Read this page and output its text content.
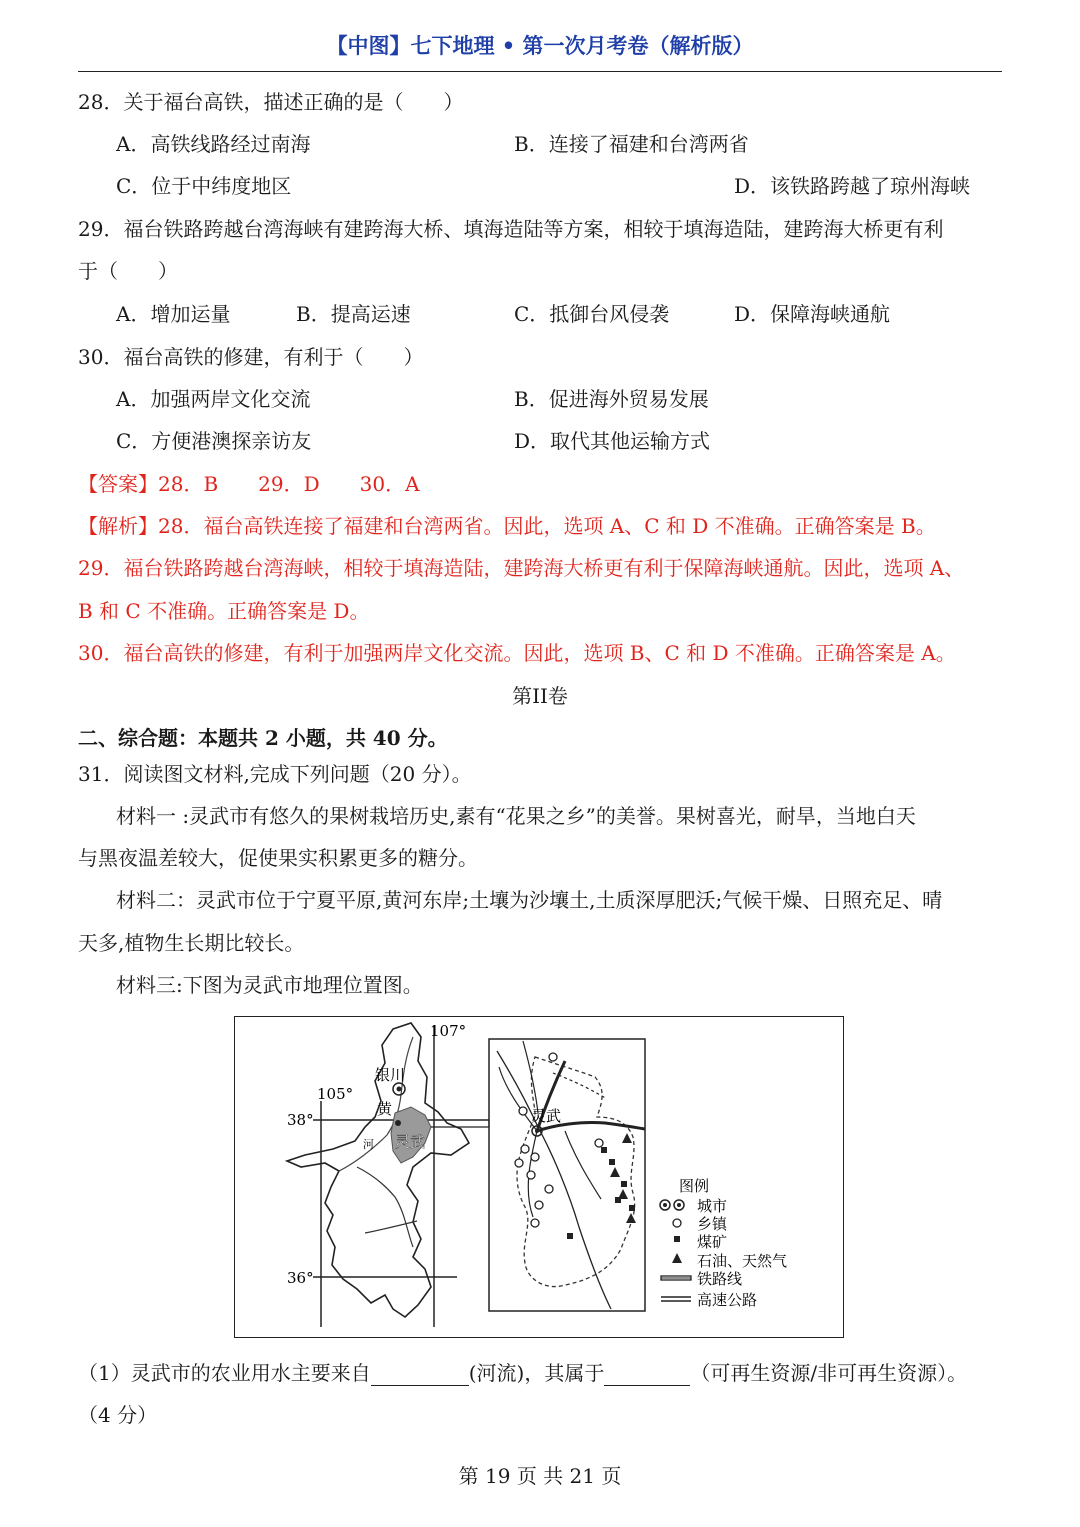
【中图】七下地理 • 第一次月考卷（解析版）
28．关于福台高铁，描述正确的是（　　）
A．高铁线路经过南海	B．连接了福建和台湾两省
C．位于中纬度地区	D．该铁路跨越了琼州海峡
29．福台铁路跨越台湾海峡有建跨海大桥、填海造陆等方案，相较于填海造陆，建跨海大桥更有利
于（　　）
A．增加运量	B．提高运速	C．抵御台风侵袭	D．保障海峡通航
30．福台高铁的修建，有利于（　　）
A．加强两岸文化交流	B．促进海外贸易发展
C．方便港澳探亲访友	D．取代其他运输方式
【答案】28．B　　29．D　　30．A
【解析】28．福台高铁连接了福建和台湾两省。因此，选项 A、C 和 D 不准确。正确答案是 B。
29．福台铁路跨越台湾海峡，相较于填海造陆，建跨海大桥更有利于保障海峡通航。因此，选项 A、
B 和 C 不准确。正确答案是 D。
30．福台高铁的修建，有利于加强两岸文化交流。因此，选项 B、C 和 D 不准确。正确答案是 A。
第II卷
二、综合题：本题共 2 小题，共 40 分。
31．阅读图文材料,完成下列问题（20 分）。
材料一 :灵武市有悠久的果树栽培历史,素有“花果之乡”的美誉。果树喜光，耐旱，当地白天
与黑夜温差较大，促使果实积累更多的糖分。
材料二：灵武市位于宁夏平原,黄河东岸;土壤为沙壤土,土质深厚肥沃;气候干燥、日照充足、晴
天多,植物生长期比较长。
材料三:下图为灵武市地理位置图。
107°
105°
38°
36°
银川
黄
河 灵武
灵武
图例
城市
乡镇
煤矿
石油、天然气
铁路线
高速公路
（1）灵武市的农业用水主要来自	(河流)，其属于	（可再生资源/非可再生资源）。
（4 分）
第 19 页 共 21 页
